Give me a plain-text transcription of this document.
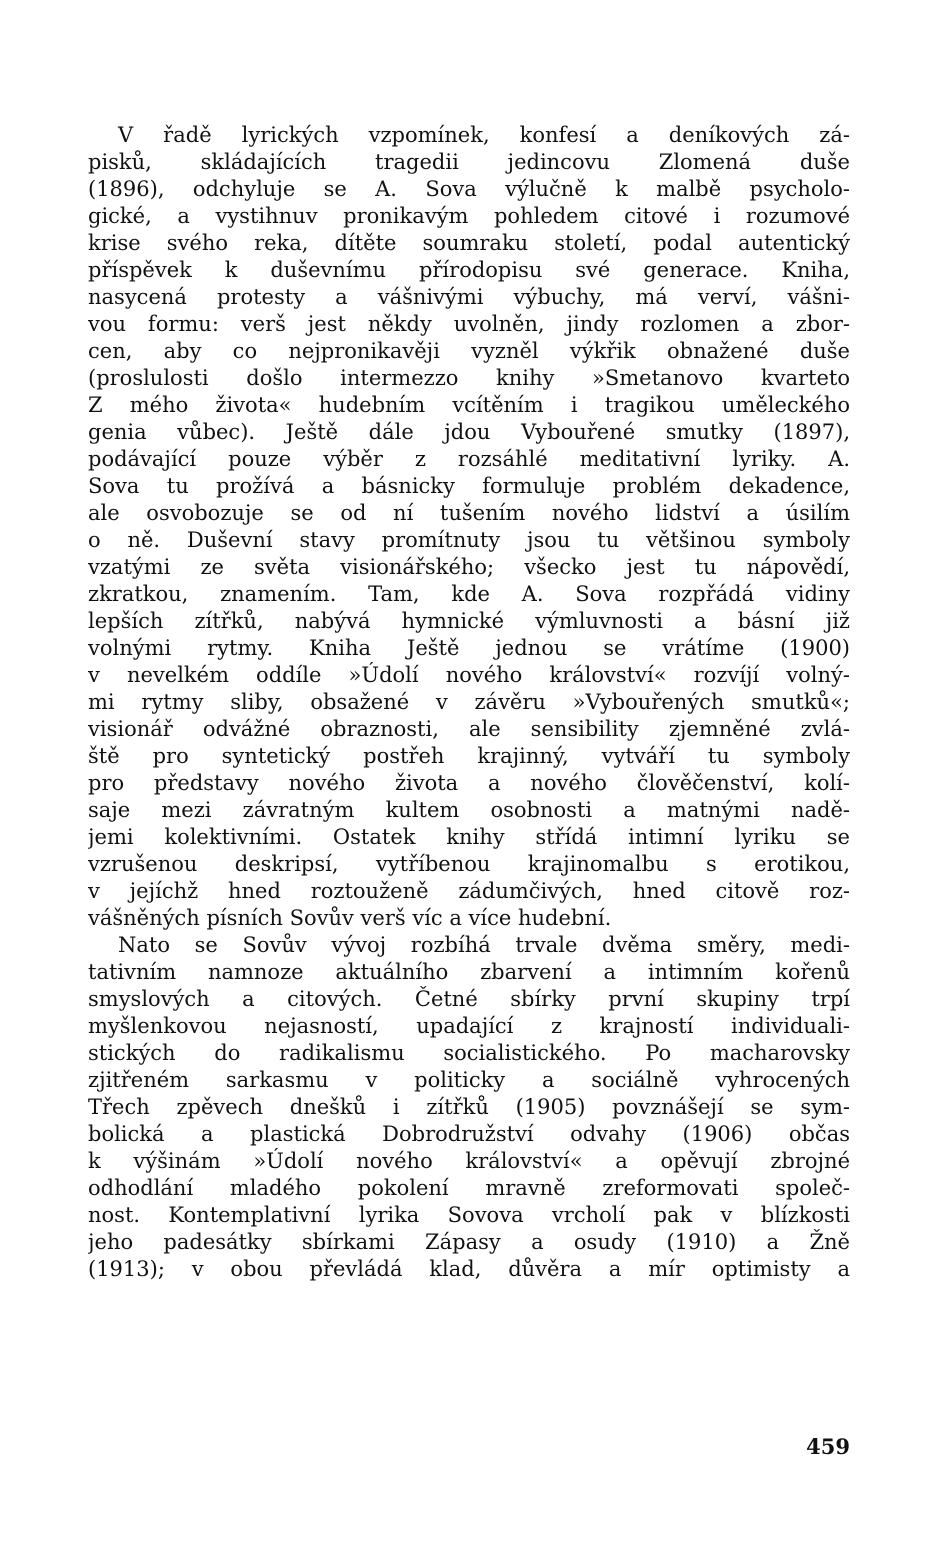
V řadě lyrických vzpomínek, konfesí a deníkových zá-
pisků, skládajících tragedii jedincovu Zlomená duše
(1896), odchyluje se A. Sova výlučně k malbě psycholo-
gické, a vystihnuv pronikavým pohledem citové i rozumové
krise svého reka, dítěte soumraku století, podal autentický
příspěvek k duševnímu přírodopisu své generace. Kniha,
nasycená protesty a vášnivými výbuchy, má verví, vášni-
vou formu: verš jest někdy uvolněn, jindy rozlomen a zbor-
cen, aby co nejpronikavěji vyzněl výkřik obnažené duše
(proslulosti došlo intermezzo knihy »Smetanovo kvarteto
Z mého života« hudebním vcítěním i tragikou uměleckého
genia vůbec). Ještě dále jdou Vybouřené smutky (1897),
podávající pouze výběr z rozsáhlé meditativní lyriky. A.
Sova tu prožívá a básnicky formuluje problém dekadence,
ale osvobozuje se od ní tušením nového lidství a úsilím
o ně. Duševní stavy promítnuty jsou tu většinou symboly
vzatými ze světa visionářského; všecko jest tu nápovědí,
zkratkou, znamením. Tam, kde A. Sova rozpřádá vidiny
lepších zítřků, nabývá hymnické výmluvnosti a básní již
volnými rytmy. Kniha Ještě jednou se vrátíme (1900)
v nevelkém oddíle »Údolí nového království« rozvíjí volný-
mi rytmy sliby, obsažené v závěru »Vybouřených smutků«;
visionář odvážné obraznosti, ale sensibility zjemněné zvlá-
ště pro syntetický postřeh krajinný, vytváří tu symboly
pro představy nového života a nového člověčenství, kolí-
saje mezi závratným kultem osobnosti a matnými nadě-
jemi kolektivními. Ostatek knihy střídá intimní lyriku se
vzrušenou deskripsí, vytříbenou krajinomalbu s erotikou,
v jejíchž hned roztouženě zádumčivých, hned citově roz-
vášněných písních Sovův verš víc a více hudební.
Nato se Sovův vývoj rozbíhá trvale dvěma směry, medi-
tativním namnoze aktuálního zbarvení a intimním kořenů
smyslových a citových. Četné sbírky první skupiny trpí
myšlenkovou nejasností, upadající z krajností individuali-
stických do radikalismu socialistického. Po macharovsky
zjitřeném sarkasmu v politicky a sociálně vyhrocených
Třech zpěvech dnešků i zítřků (1905) povznášejí se sym-
bolická a plastická Dobrodružství odvahy (1906) občas
k výšinám »Údolí nového království« a opěvují zbrojné
odhodlání mladého pokolení mravně zreformovati společ-
nost. Kontemplativní lyrika Sovova vrcholí pak v blízkosti
jeho padesátky sbírkami Zápasy a osudy (1910) a Žně
(1913); v obou převládá klad, důvěra a mír optimisty a
459
